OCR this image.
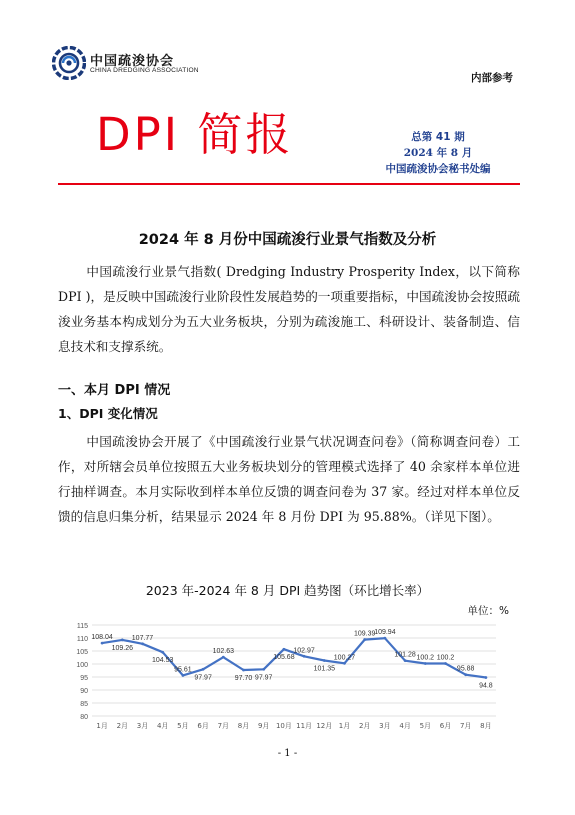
中国疏浚协会
CHINA DREDGING ASSOCIATION
内部参考
DPI 简报	总第 41 期
2024 年 8 月
中国疏浚协会秘书处编
2024 年 8 月份中国疏浚行业景气指数及分析
中国疏浚行业景气指数( Dredging Industry Prosperity Index，以下简称 DPI )，是反映中国疏浚行业阶段性发展趋势的一项重要指标，中国疏浚协会按照疏浚业务基本构成划分为五大业务板块，分别为疏浚施工、科研设计、装备制造、信息技术和支撑系统。
一、本月 DPI 情况
1、DPI 变化情况
中国疏浚协会开展了《中国疏浚行业景气状况调查问卷》（简称调查问卷）工作，对所辖会员单位按照五大业务板块划分的管理模式选择了 40 余家样本单位进行抽样调查。本月实际收到样本单位反馈的调查问卷为 37 家。经过对样本单位反馈的信息归集分析，结果显示 2024 年 8 月份 DPI 为 95.88%。（详见下图）。
2023 年-2024 年 8 月 DPI 趋势图（环比增长率）
单位：%
80
85
90
95
100
105
110
115
1月 2月 3月 4月 5月 6月 7月 8月 9月 10月 11月 12月 1月 2月 3月 4月 5月 6月 7月 8月
108.04
109.26
107.77
104.53
95.61
97.97
102.63
97.70 97.97
105.68
102.97
101.35
100.27
109.39
109.94
101.28 100.2 100.2
95.88
94.8
- 1 -
